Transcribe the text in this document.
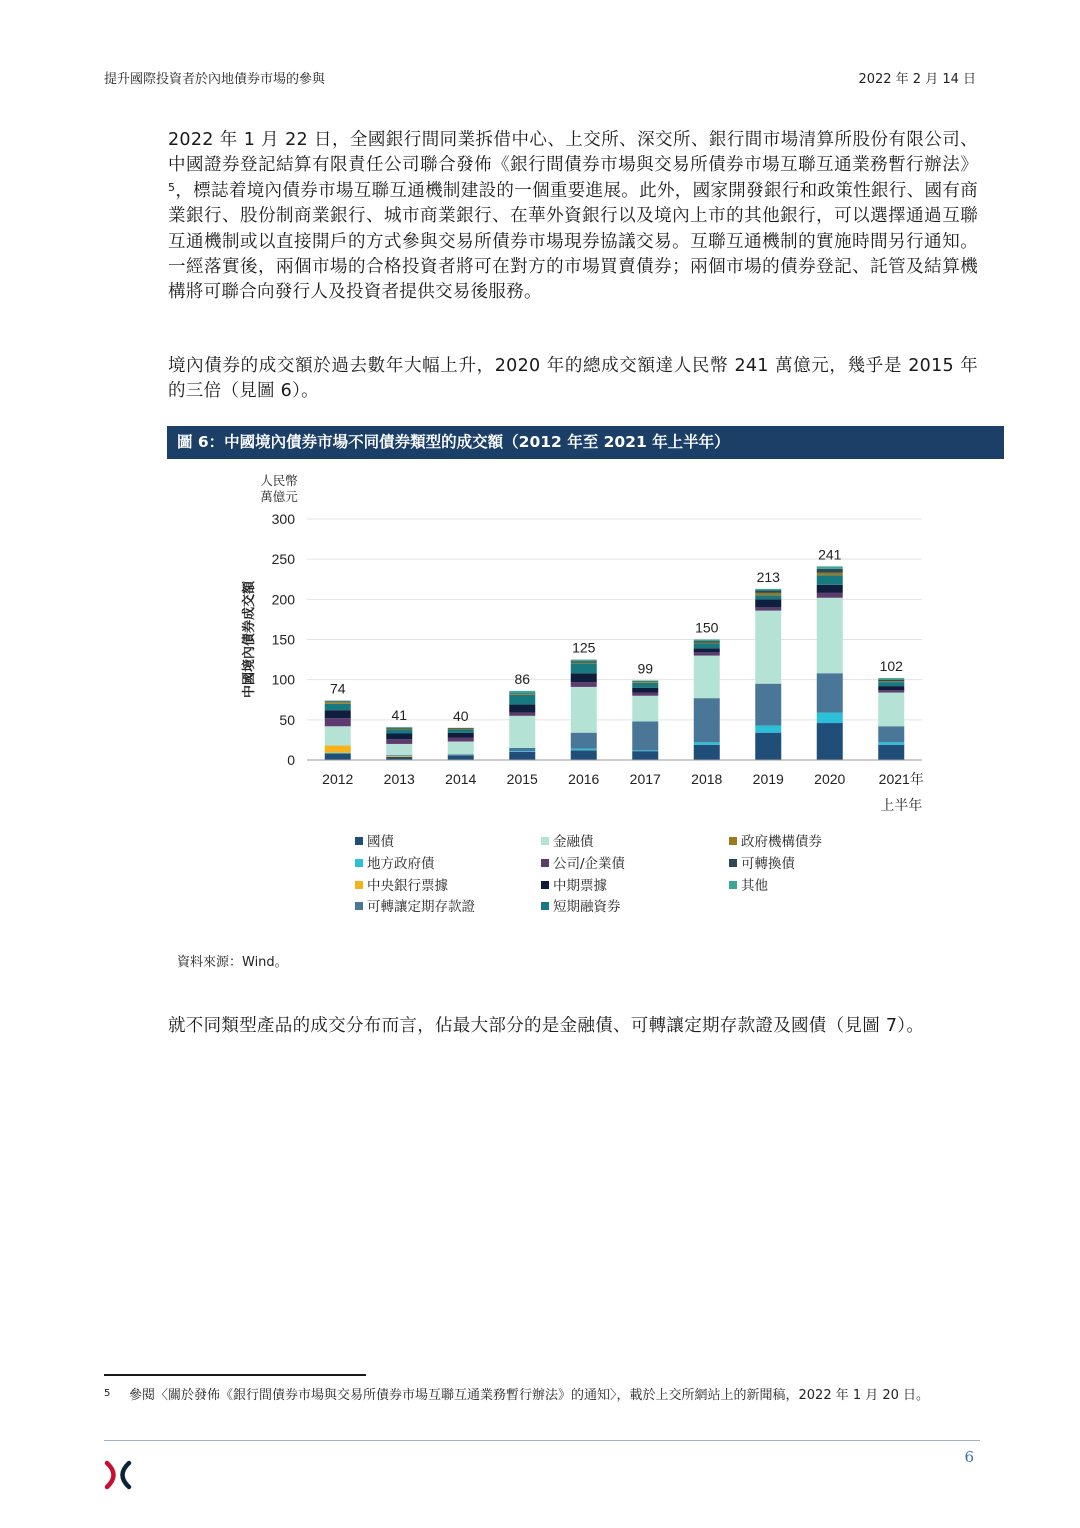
提升國際投資者於內地債券市場的參與	2022 年 2 月 14 日

2022 年 1 月 22 日，全國銀行間同業拆借中心、上交所、深交所、銀行間市場清算所股份有限公司、中國證券登記結算有限責任公司聯合發佈《銀行間債券市場與交易所債券市場互聯互通業務暫行辦法》$^5$，標誌着境內債券市場互聯互通機制建設的一個重要進展。此外，國家開發銀行和政策性銀行、國有商業銀行、股份制商業銀行、城市商業銀行、在華外資銀行以及境內上市的其他銀行，可以選擇通過互聯互通機制或以直接開戶的方式參與交易所債券市場現券協議交易。互聯互通機制的實施時間另行通知。一經落實後，兩個市場的合格投資者將可在對方的市場買賣債券；兩個市場的債券登記、託管及結算機構將可聯合向發行人及投資者提供交易後服務。

境內債券的成交額於過去數年大幅上升，2020 年的總成交額達人民幣 241 萬億元，幾乎是 2015 年的三倍（見圖 6）。

圖 6：中國境內債券市場不同債券類型的成交額（2012 年至 2021 年上半年）
0
50
100
150
200
250
300
人民幣
萬億元
中國境內債券成交額	74
2012
41
2013
40
2014
86
2015
125
2016
99
2017
150
2018
213
2019
241
2020
102
2021年
上半年
國債
地方政府債
中央銀行票據
可轉讓定期存款證
金融債
公司/企業債
中期票據
短期融資券
政府機構債券
可轉換債
其他
資料來源：Wind。

就不同類型產品的成交分布而言，佔最大部分的是金融債、可轉讓定期存款證及國債（見圖 7）。

5 參閱〈關於發佈《銀行間債券市場與交易所債券市場互聯互通業務暫行辦法》的通知〉，載於上交所網站上的新聞稿，2022 年 1 月 20 日。
6
